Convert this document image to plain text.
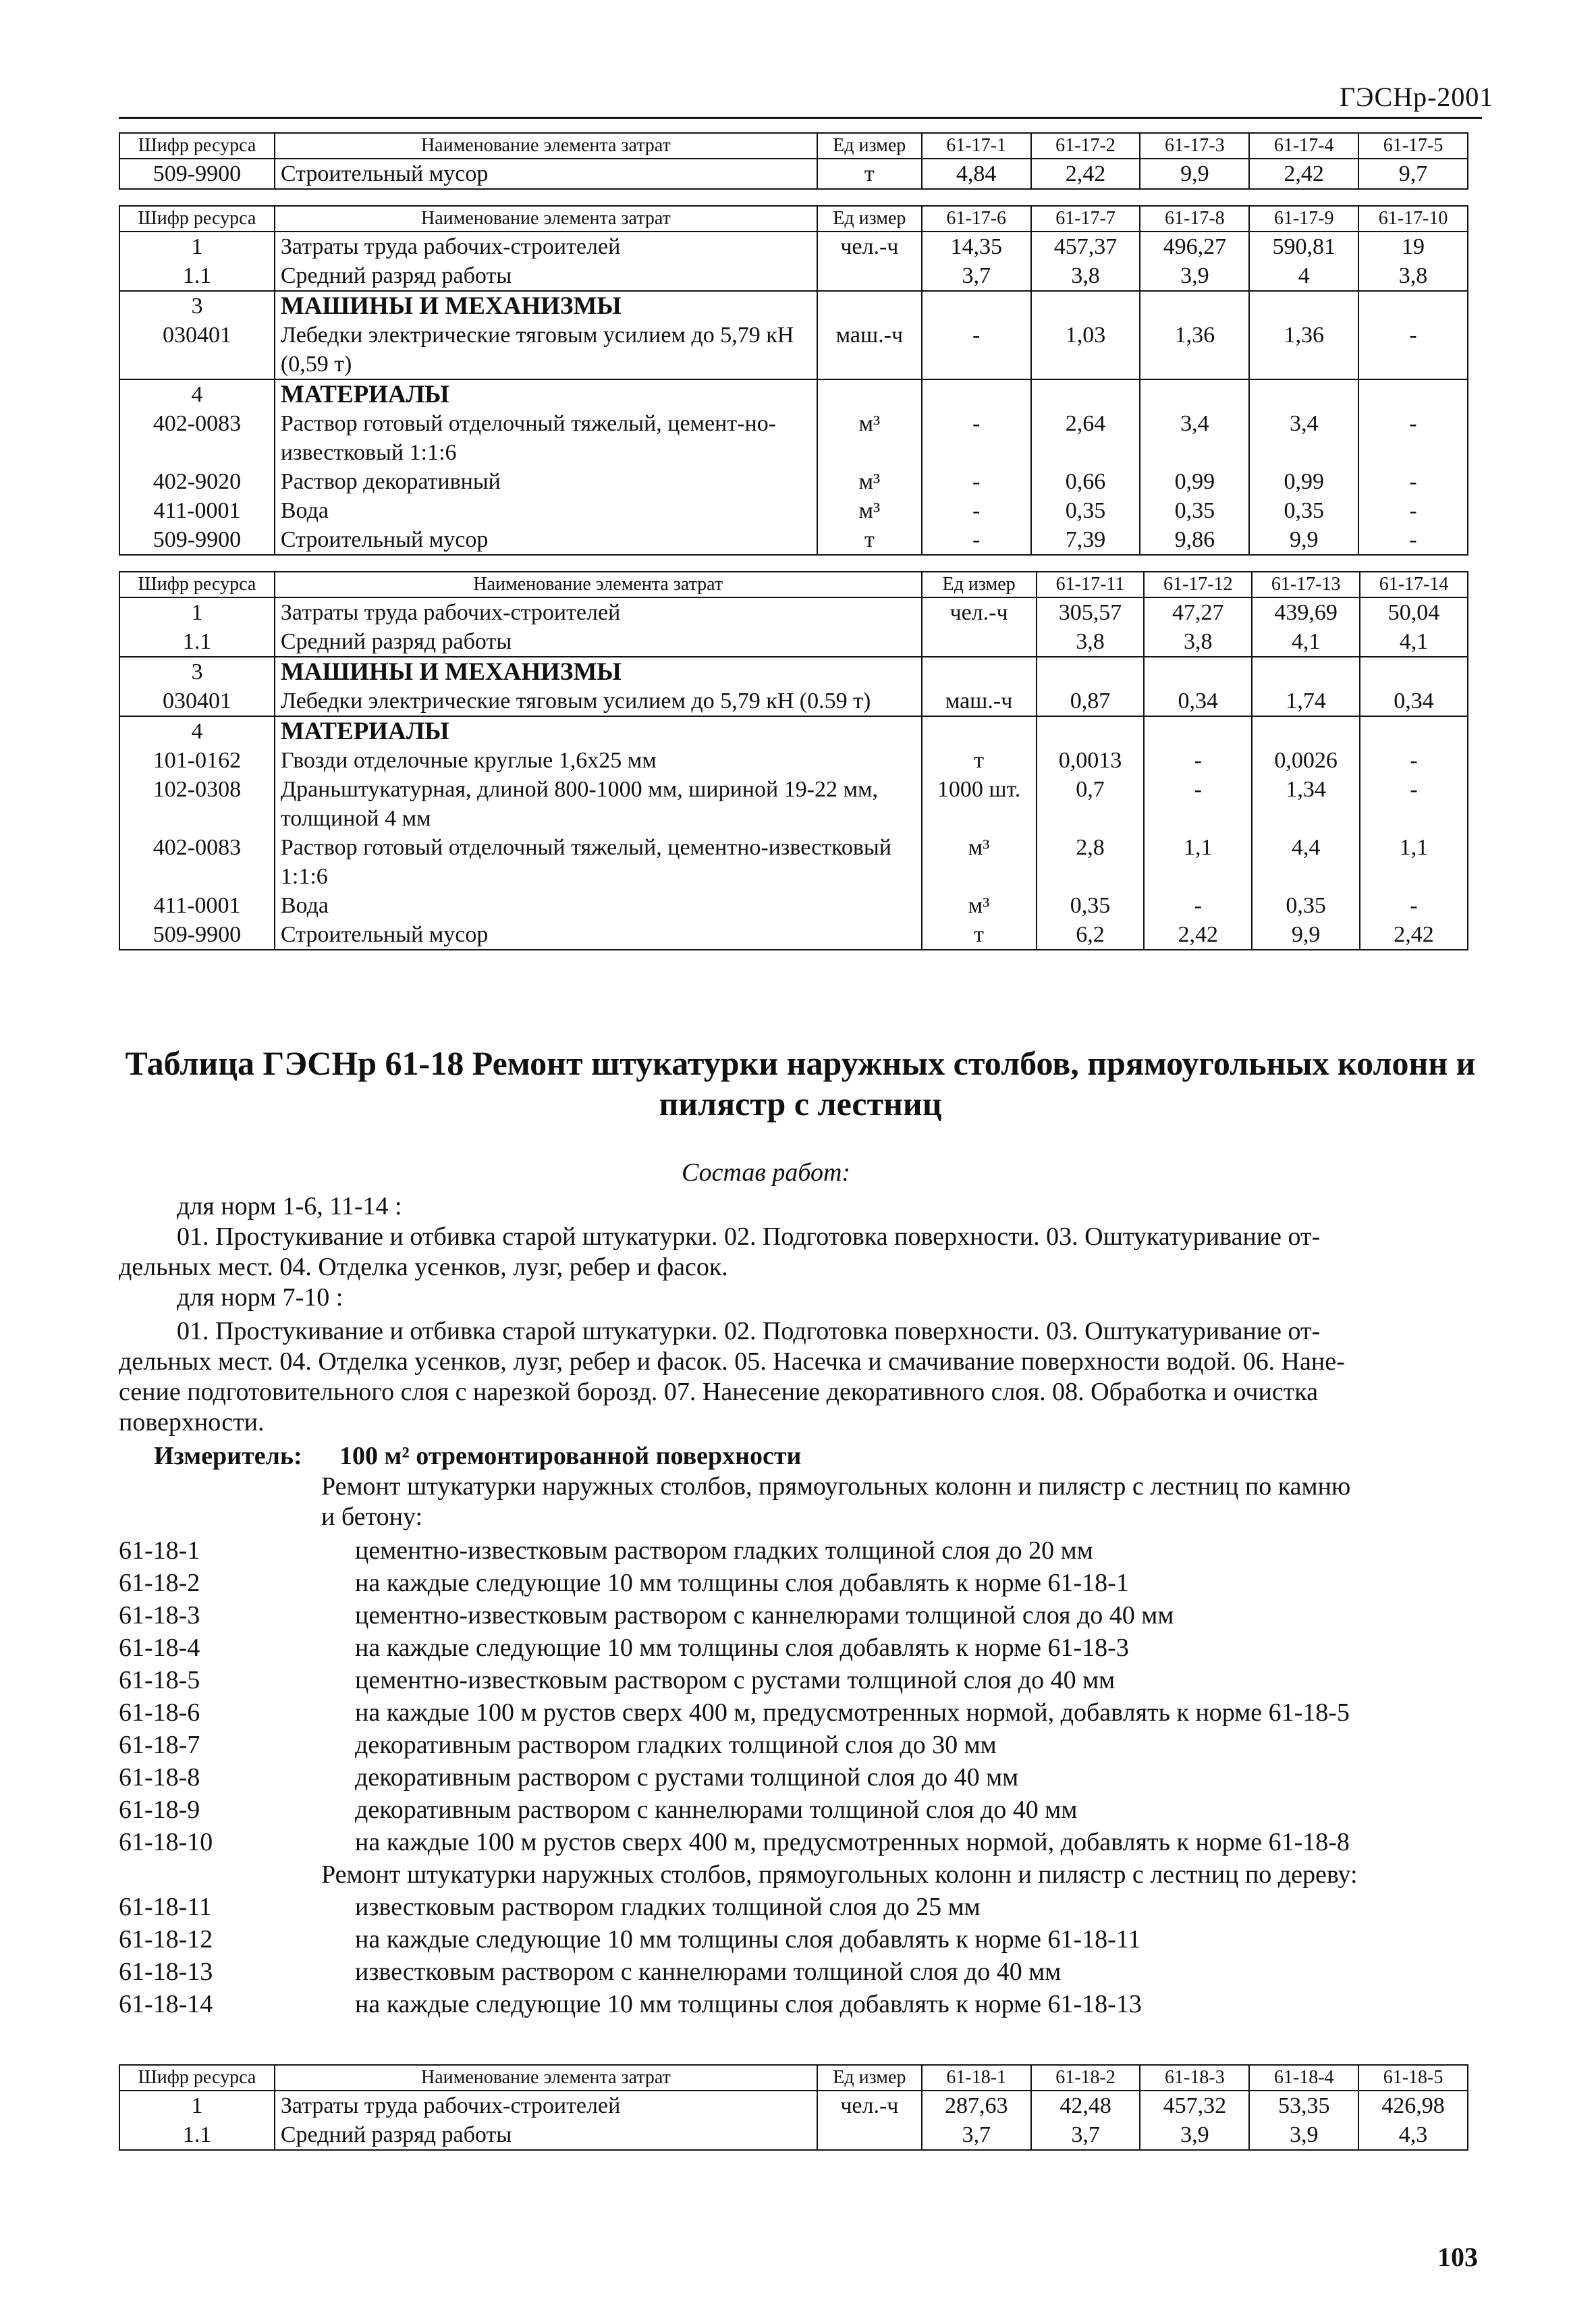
ГЭСНр-2001
Шифр ресурса	Наименование элемента затрат	Ед измер	61-17-1	61-17-2	61-17-3	61-17-4	61-17-5
509-9900	Строительный мусор	т	4,84	2,42	9,9	2,42	9,7
Шифр ресурса	Наименование элемента затрат	Ед измер	61-17-6	61-17-7	61-17-8	61-17-9	61-17-10
1	Затраты труда рабочих-строителей	чел.-ч	14,35	457,37	496,27	590,81	19
1.1	Средний разряд работы		3,7	3,8	3,9	4	3,8
3	МАШИНЫ И МЕХАНИЗМЫ						
030401	Лебедки электрические тяговым усилием до 5,79 кН (0,59 т)	маш.-ч	-	1,03	1,36	1,36	-
4	МАТЕРИАЛЫ						
402-0083	Раствор готовый отделочный тяжелый, цемент-но-известковый 1:1:6	м³	-	2,64	3,4	3,4	-
402-9020	Раствор декоративный	м³	-	0,66	0,99	0,99	-
411-0001	Вода	м³	-	0,35	0,35	0,35	-
509-9900	Строительный мусор	т	-	7,39	9,86	9,9	-
Шифр ресурса	Наименование элемента затрат	Ед измер	61-17-11	61-17-12	61-17-13	61-17-14
1	Затраты труда рабочих-строителей	чел.-ч	305,57	47,27	439,69	50,04
1.1	Средний разряд работы		3,8	3,8	4,1	4,1
3	МАШИНЫ И МЕХАНИЗМЫ					
030401	Лебедки электрические тяговым усилием до 5,79 кН (0.59 т)	маш.-ч	0,87	0,34	1,74	0,34
4	МАТЕРИАЛЫ					
101-0162	Гвозди отделочные круглые 1,6х25 мм	т	0,0013	-	0,0026	-
102-0308	Драньштукатурная, длиной 800-1000 мм, шириной 19-22 мм, толщиной 4 мм	1000 шт.	0,7	-	1,34	-
402-0083	Раствор готовый отделочный тяжелый, цементно-известковый 1:1:6	м³	2,8	1,1	4,4	1,1
411-0001	Вода	м³	0,35	-	0,35	-
509-9900	Строительный мусор	т	6,2	2,42	9,9	2,42
Таблица ГЭСНр 61-18 Ремонт штукатурки наружных столбов, прямоугольных колонн и
пилястр с лестниц
Состав работ:
для норм 1-6, 11-14 :
01. Простукивание и отбивка старой штукатурки. 02. Подготовка поверхности. 03. Оштукатуривание от-
дельных мест. 04. Отделка усенков, лузг, ребер и фасок.
для норм 7-10 :
01. Простукивание и отбивка старой штукатурки. 02. Подготовка поверхности. 03. Оштукатуривание от-
дельных мест. 04. Отделка усенков, лузг, ребер и фасок. 05. Насечка и смачивание поверхности водой. 06. Нане-
сение подготовительного слоя с нарезкой борозд. 07. Нанесение декоративного слоя. 08. Обработка и очистка
поверхности.
Измеритель: 100 м² отремонтированной поверхности
Ремонт штукатурки наружных столбов, прямоугольных колонн и пилястр с лестниц по камню
и бетону:
61-18-1	цементно-известковым раствором гладких толщиной слоя до 20 мм
61-18-2	на каждые следующие 10 мм толщины слоя добавлять к норме 61-18-1
61-18-3	цементно-известковым раствором с каннелюрами толщиной слоя до 40 мм
61-18-4	на каждые следующие 10 мм толщины слоя добавлять к норме 61-18-3
61-18-5	цементно-известковым раствором с рустами толщиной слоя до 40 мм
61-18-6	на каждые 100 м рустов сверх 400 м, предусмотренных нормой, добавлять к норме 61-18-5
61-18-7	декоративным раствором гладких толщиной слоя до 30 мм
61-18-8	декоративным раствором с рустами толщиной слоя до 40 мм
61-18-9	декоративным раствором с каннелюрами толщиной слоя до 40 мм
61-18-10	на каждые 100 м рустов сверх 400 м, предусмотренных нормой, добавлять к норме 61-18-8
Ремонт штукатурки наружных столбов, прямоугольных колонн и пилястр с лестниц по дереву:
61-18-11	известковым раствором гладких толщиной слоя до 25 мм
61-18-12	на каждые следующие 10 мм толщины слоя добавлять к норме 61-18-11
61-18-13	известковым раствором с каннелюрами толщиной слоя до 40 мм
61-18-14	на каждые следующие 10 мм толщины слоя добавлять к норме 61-18-13
Шифр ресурса	Наименование элемента затрат	Ед измер	61-18-1	61-18-2	61-18-3	61-18-4	61-18-5
1	Затраты труда рабочих-строителей	чел.-ч	287,63	42,48	457,32	53,35	426,98
1.1	Средний разряд работы		3,7	3,7	3,9	3,9	4,3
103
